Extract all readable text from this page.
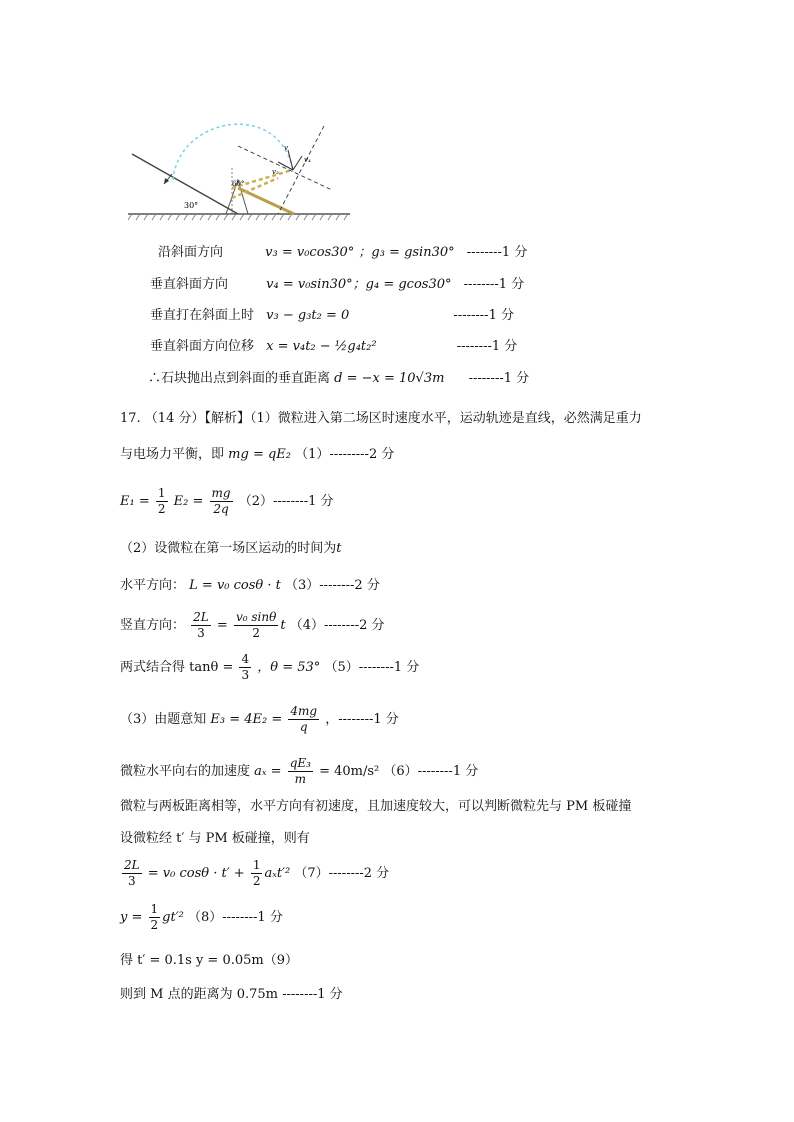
v
v₃
v₄
60°
30°
沿斜面方向	v₃ = v₀cos30° ；g₃ = gsin30° --------1 分
垂直斜面方向	v₄ = v₀sin30°；g₄ = gcos30° --------1 分
垂直打在斜面上时 v₃ − g₃t₂ = 0	--------1 分
垂直斜面方向位移 x = v₄t₂ − ½g₄t₂²	--------1 分
∴石块抛出点到斜面的垂直距离 d = −x = 10√3m --------1 分
17. （14 分）【解析】（1）微粒进入第二场区时速度水平，运动轨迹是直线，必然满足重力
与电场力平衡，即 mg = qE₂ （1）---------2 分
$E_1 = \frac{1}{2} E_2 = \frac{mg}{2q} (2)--------1$ 分
（2）设微粒在第一场区运动的时间为t
水平方向： L = v₀ cosθ · t （3）--------2 分
竖直方向： $\frac{2L}{3} = \frac{\text{v₀ sinθ}}{2}$ t （4）--------2 分
两式结合得 $\tan\theta = \frac{4}{3}$ ，θ = 53° （5）--------1 分
（3）由题意知 $E_3 = 4E_2 = \frac{4mg}{q}$ ，--------1 分
微粒水平向右的加速度 $a_x = \frac{\text{qE₃}}{m} = 40m/s^2$ （6）--------1 分
微粒与两板距离相等，水平方向有初速度，且加速度较大，可以判断微粒先与 PM 板碰撞
设微粒经 t′ 与 PM 板碰撞，则有
$\frac{2L}{3} = v_0$ $\cos\theta \cdot t' + \frac{1}{2} a_xt'^2$ （7）--------2 分
$y = \frac{1}{2} gt'^2$ （8）--------1 分
得 t′ = 0.1s y = 0.05m（9）
则到 M 点的距离为 0.75m --------1 分
